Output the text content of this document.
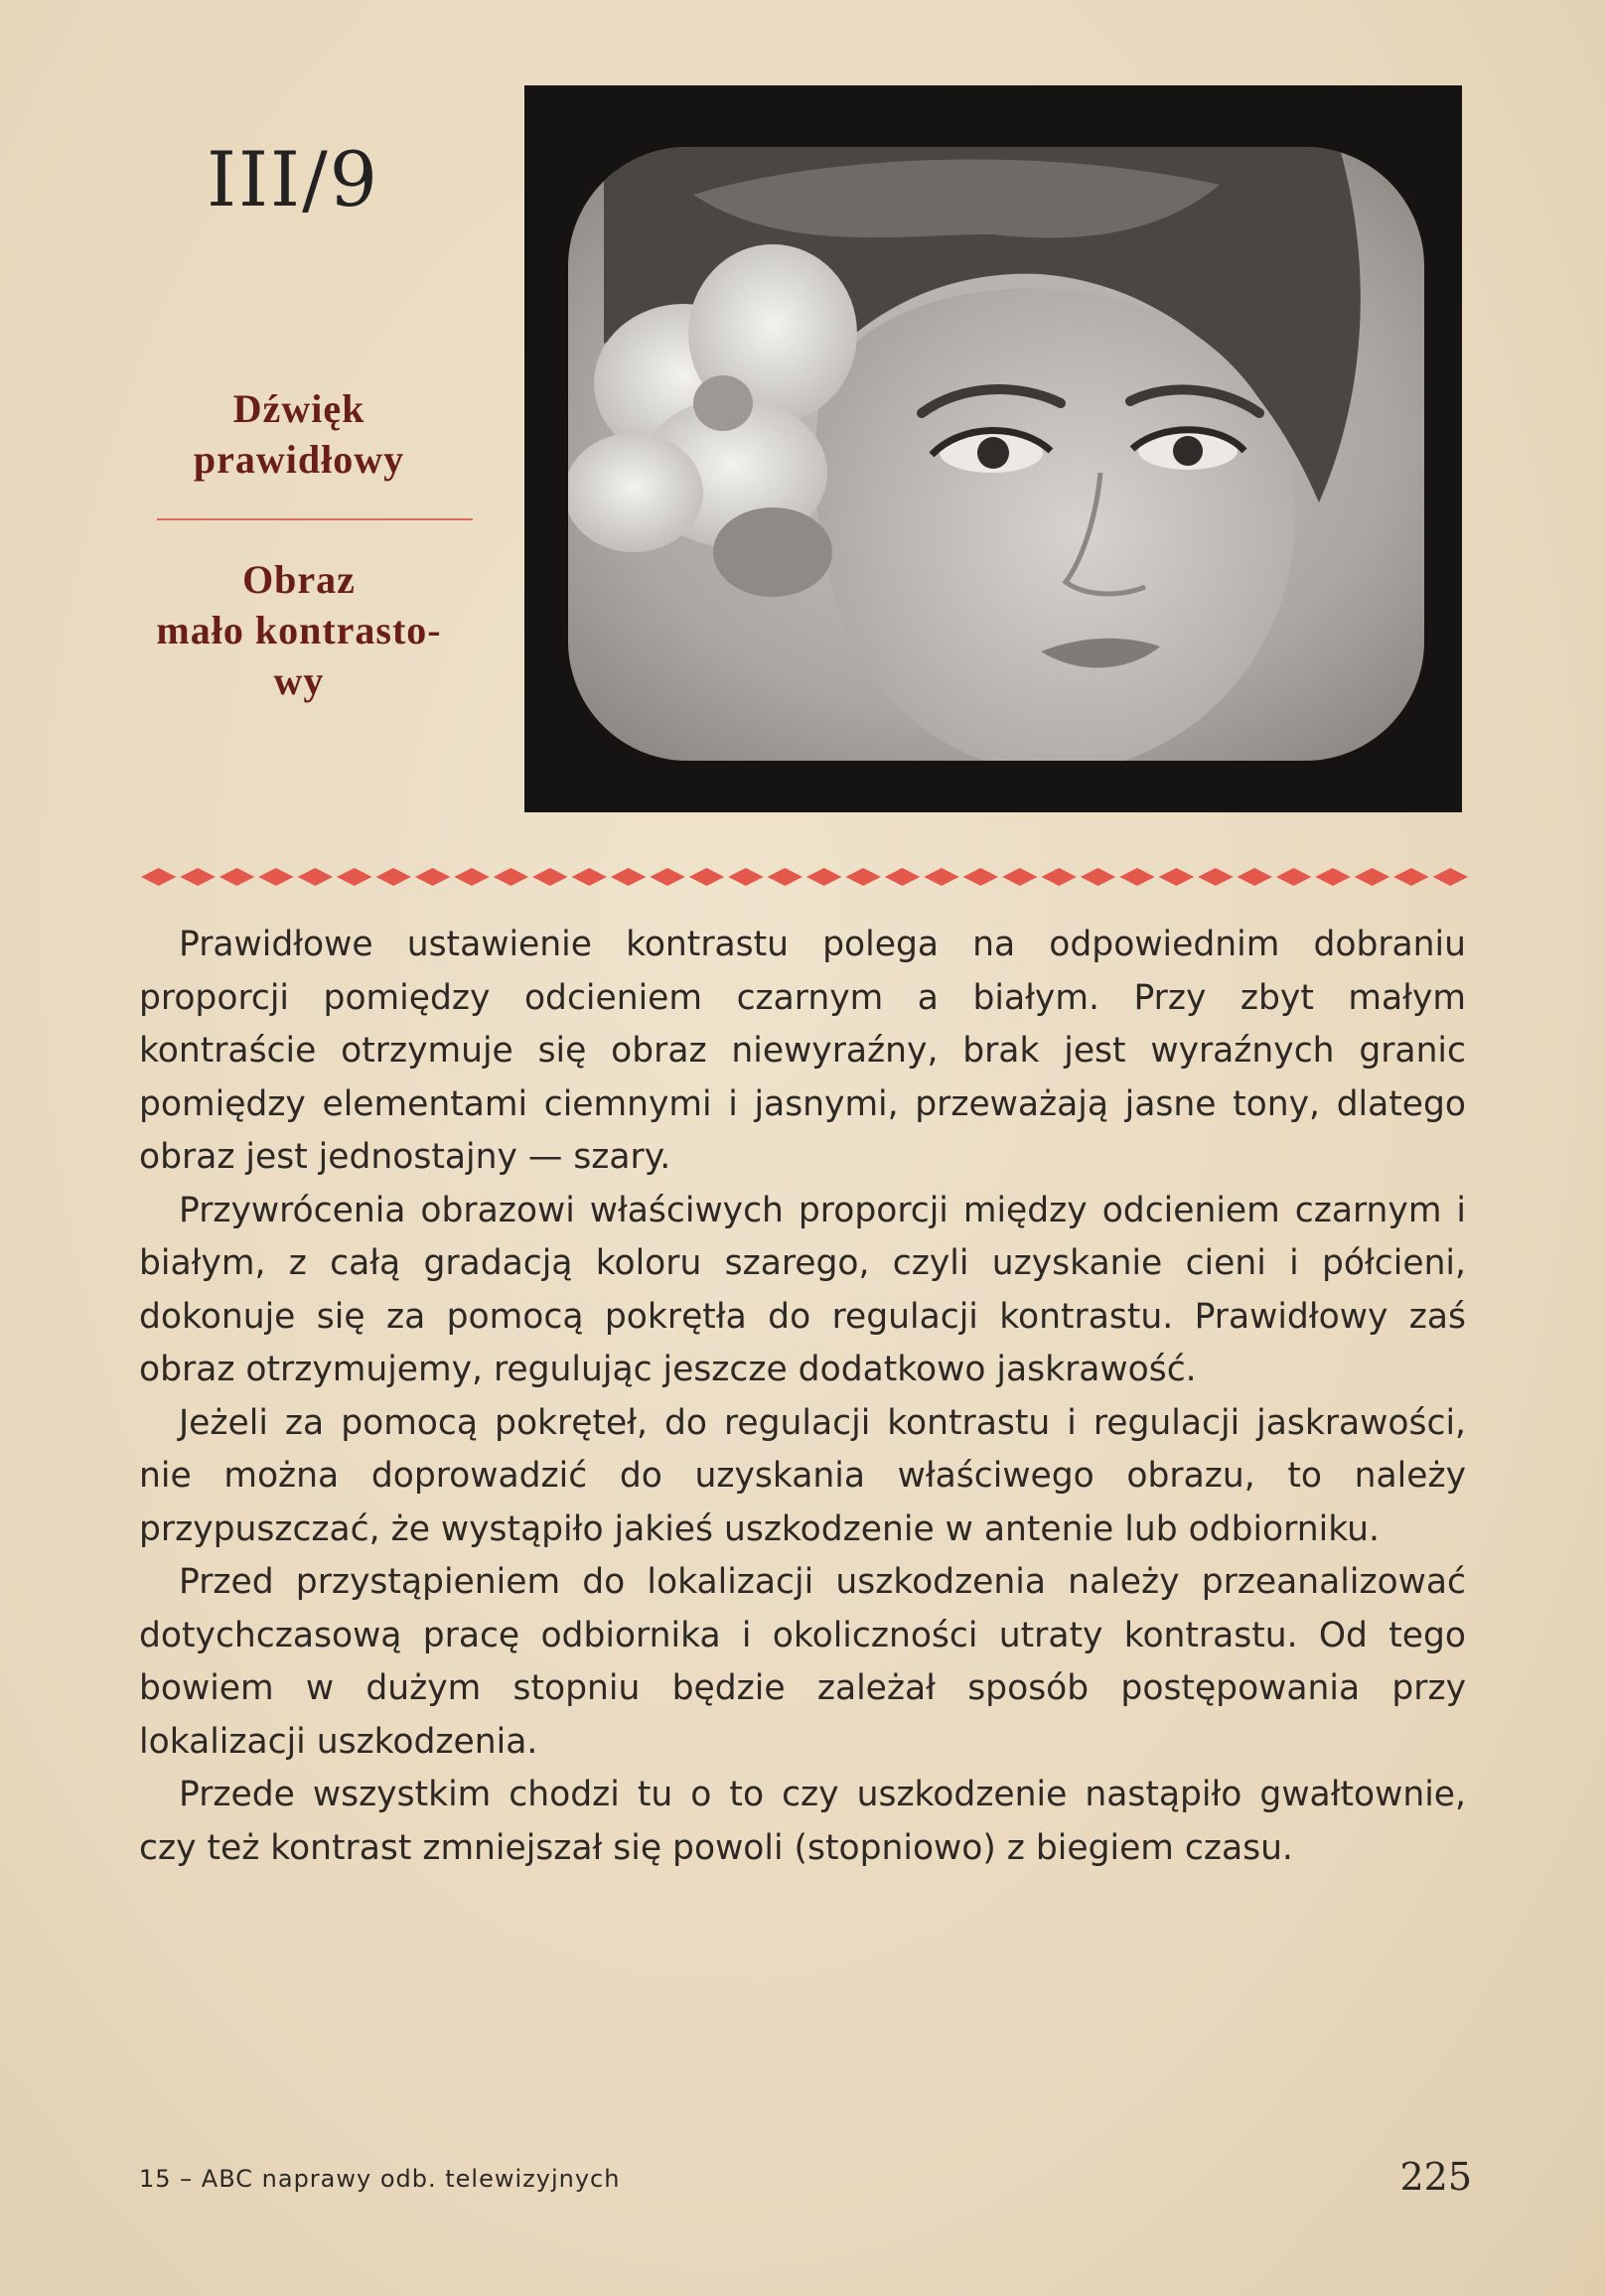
III/9
Dźwięk
prawidłowy
Obraz
mało kontrasto-
wy

Prawidłowe ustawienie kontrastu polega na odpowiednim dobraniu proporcji pomiędzy odcieniem czarnym a białym. Przy zbyt małym kontraście otrzymuje się obraz niewyraźny, brak jest wyraźnych granic pomiędzy elementami ciemnymi i jasnymi, przeważają jasne tony, dlatego obraz jest jednostajny — szary.

Przywrócenia obrazowi właściwych proporcji między odcieniem czarnym i białym, z całą gradacją koloru szarego, czyli uzyskanie cieni i półcieni, dokonuje się za pomocą pokrętła do regulacji kontrastu. Prawidłowy zaś obraz otrzymujemy, regulując jeszcze dodatkowo jaskrawość.

Jeżeli za pomocą pokręteł, do regulacji kontrastu i regulacji jaskrawości, nie można doprowadzić do uzyskania właściwego obrazu, to należy przypuszczać, że wystąpiło jakieś uszkodzenie w antenie lub odbiorniku.

Przed przystąpieniem do lokalizacji uszkodzenia należy przeanalizować dotychczasową pracę odbiornika i okoliczności utraty kontrastu. Od tego bowiem w dużym stopniu będzie zależał sposób postępowania przy lokalizacji uszkodzenia.

Przede wszystkim chodzi tu o to czy uszkodzenie nastąpiło gwałtownie, czy też kontrast zmniejszał się powoli (stopniowo) z biegiem czasu.

15 – ABC naprawy odb. telewizyjnych	225
